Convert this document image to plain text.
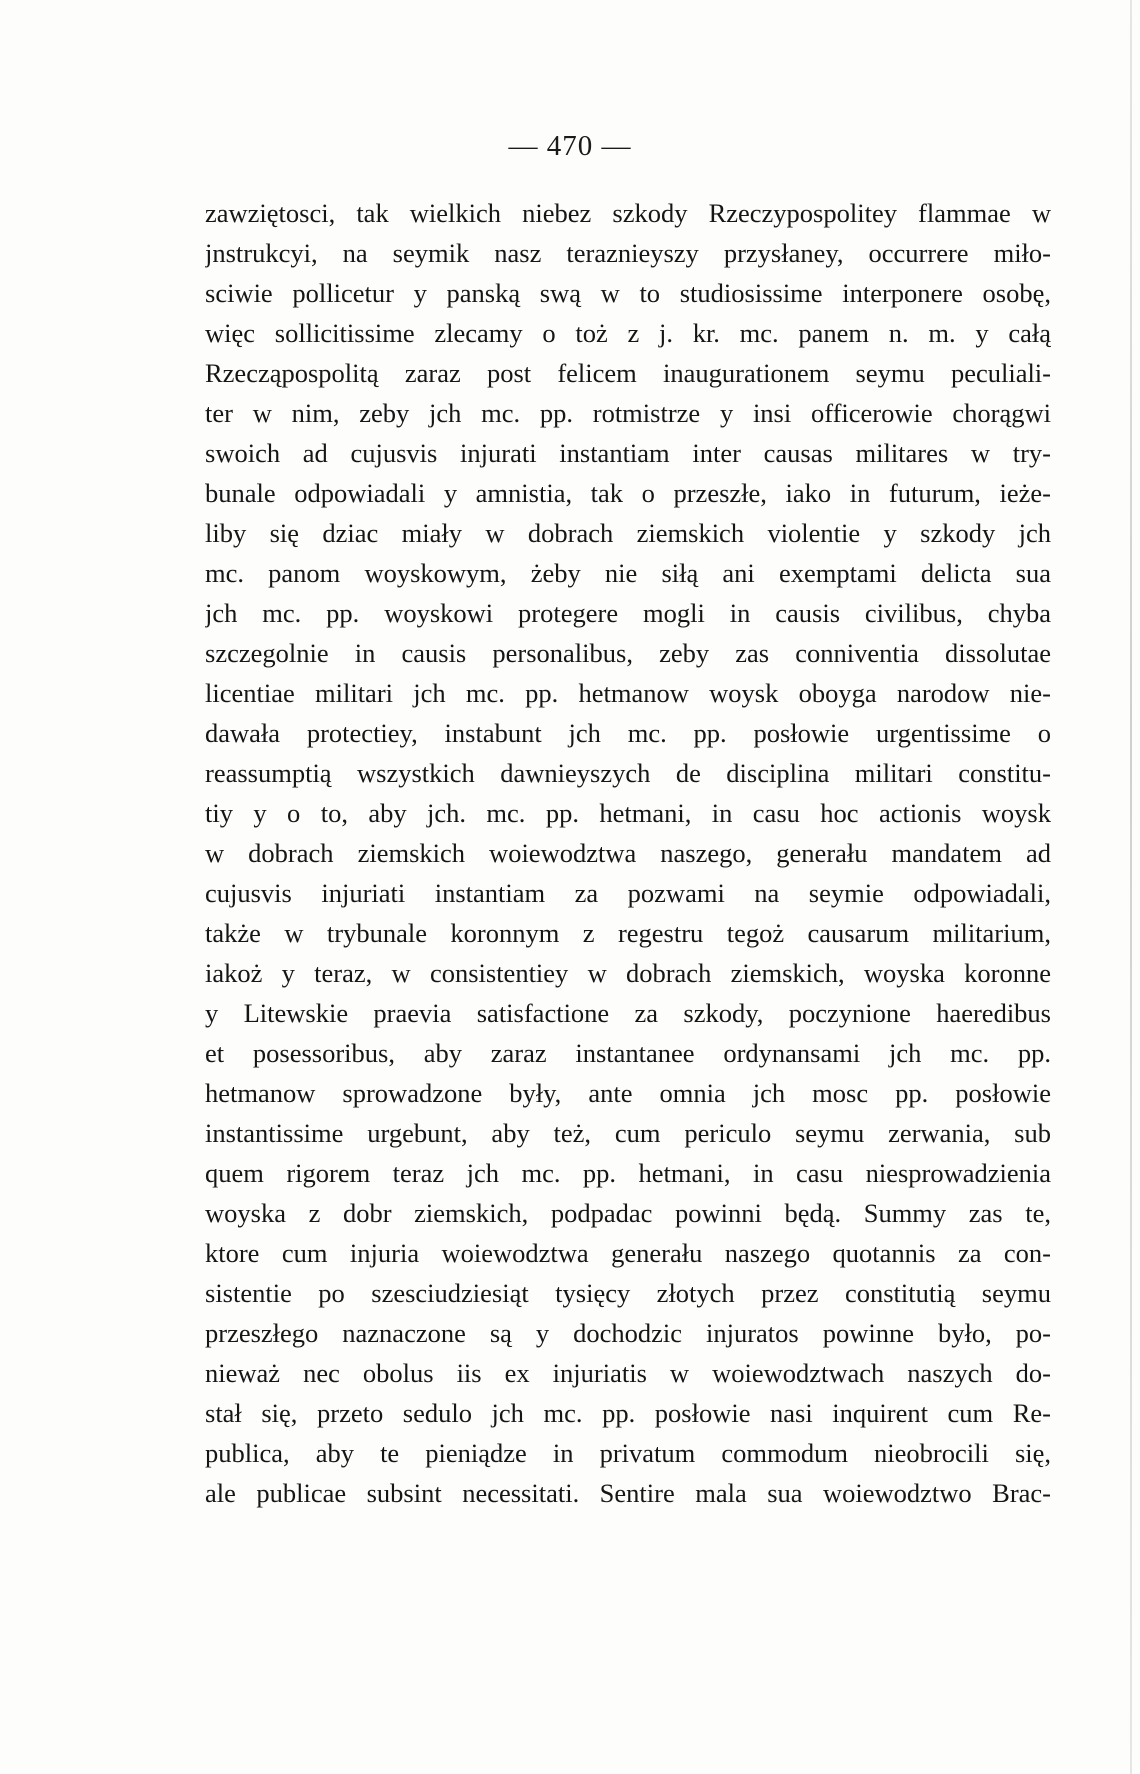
— 470 —
zawziętosci, tak wielkich niebez szkody Rzeczypospolitey flammae w
jnstrukcyi, na seymik nasz teraznieyszy przysłaney, occurrere miło-
sciwie pollicetur y panską swą w to studiosissime interponere osobę,
więc sollicitissime zlecamy o toż z j. kr. mc. panem n. m. y całą
Rzecząpospolitą zaraz post felicem inaugurationem seymu peculiali-
ter w nim, zeby jch mc. pp. rotmistrze y insi officerowie chorągwi
swoich ad cujusvis injurati instantiam inter causas militares w try-
bunale odpowiadali y amnistia, tak o przeszłe, iako in futurum, ieże-
liby się dziac miały w dobrach ziemskich violentie y szkody jch
mc. panom woyskowym, żeby nie siłą ani exemptami delicta sua
jch mc. pp. woyskowi protegere mogli in causis civilibus, chyba
szczegolnie in causis personalibus, zeby zas conniventia dissolutae
licentiae militari jch mc. pp. hetmanow woysk oboyga narodow nie-
dawała protectiey, instabunt jch mc. pp. posłowie urgentissime o
reassumptią wszystkich dawnieyszych de disciplina militari constitu-
tiy y o to, aby jch. mc. pp. hetmani, in casu hoc actionis woysk
w dobrach ziemskich woiewodztwa naszego, generału mandatem ad
cujusvis injuriati instantiam za pozwami na seymie odpowiadali,
także w trybunale koronnym z regestru tegoż causarum militarium,
iakoż y teraz, w consistentiey w dobrach ziemskich, woyska koronne
y Litewskie praevia satisfactione za szkody, poczynione haeredibus
et posessoribus, aby zaraz instantanee ordynansami jch mc. pp.
hetmanow sprowadzone były, ante omnia jch mosc pp. posłowie
instantissime urgebunt, aby też, cum periculo seymu zerwania, sub
quem rigorem teraz jch mc. pp. hetmani, in casu niesprowadzienia
woyska z dobr ziemskich, podpadac powinni będą. Summy zas te,
ktore cum injuria woiewodztwa generału naszego quotannis za con-
sistentie po szesciudziesiąt tysięcy złotych przez constitutią seymu
przeszłego naznaczone są y dochodzic injuratos powinne było, po-
nieważ nec obolus iis ex injuriatis w woiewodztwach naszych do-
stał się, przeto sedulo jch mc. pp. posłowie nasi inquirent cum Re-
publica, aby te pieniądze in privatum commodum nieobrocili się,
ale publicae subsint necessitati. Sentire mala sua woiewodztwo Brac-
